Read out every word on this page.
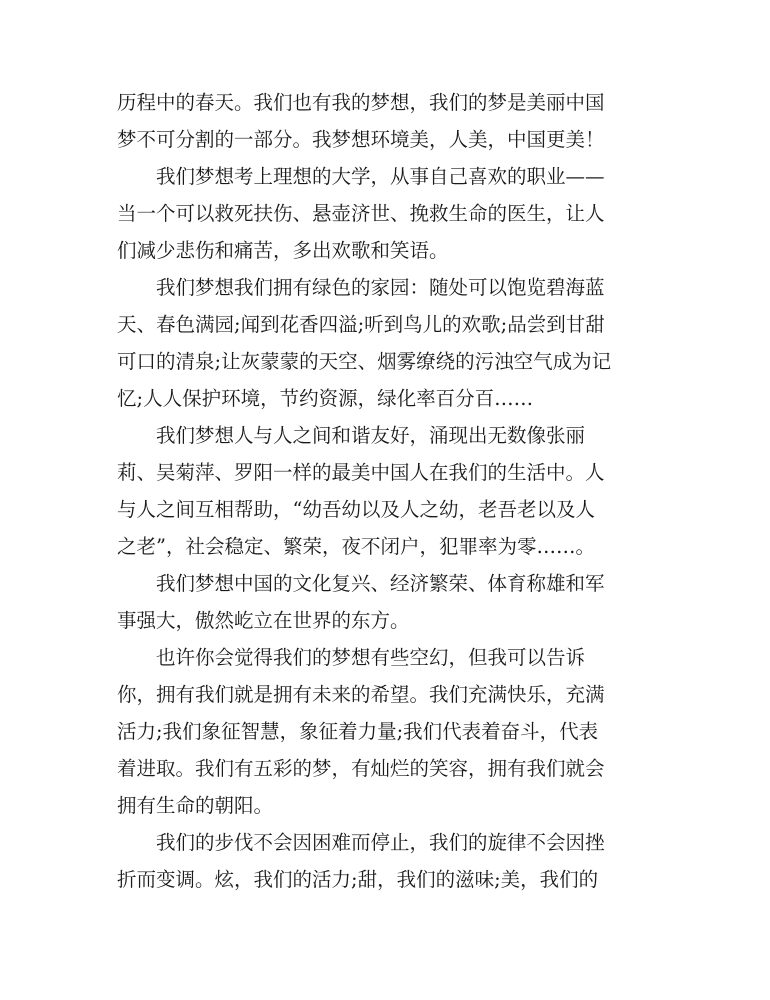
历程中的春天。我们也有我的梦想，我们的梦是美丽中国

梦不可分割的一部分。我梦想环境美，人美，中国更美！

我们梦想考上理想的大学，从事自己喜欢的职业——

当一个可以救死扶伤、悬壶济世、挽救生命的医生，让人

们减少悲伤和痛苦，多出欢歌和笑语。

我们梦想我们拥有绿色的家园：随处可以饱览碧海蓝

天、春色满园;闻到花香四溢;听到鸟儿的欢歌;品尝到甘甜

可口的清泉;让灰蒙蒙的天空、烟雾缭绕的污浊空气成为记

忆;人人保护环境，节约资源，绿化率百分百……

我们梦想人与人之间和谐友好，涌现出无数像张丽

莉、吴菊萍、罗阳一样的最美中国人在我们的生活中。人

与人之间互相帮助，“幼吾幼以及人之幼，老吾老以及人

之老”，社会稳定、繁荣，夜不闭户，犯罪率为零……。

我们梦想中国的文化复兴、经济繁荣、体育称雄和军

事强大，傲然屹立在世界的东方。

也许你会觉得我们的梦想有些空幻，但我可以告诉

你，拥有我们就是拥有未来的希望。我们充满快乐，充满

活力;我们象征智慧，象征着力量;我们代表着奋斗，代表

着进取。我们有五彩的梦，有灿烂的笑容，拥有我们就会

拥有生命的朝阳。

我们的步伐不会因困难而停止，我们的旋律不会因挫

折而变调。炫，我们的活力;甜，我们的滋味;美，我们的
